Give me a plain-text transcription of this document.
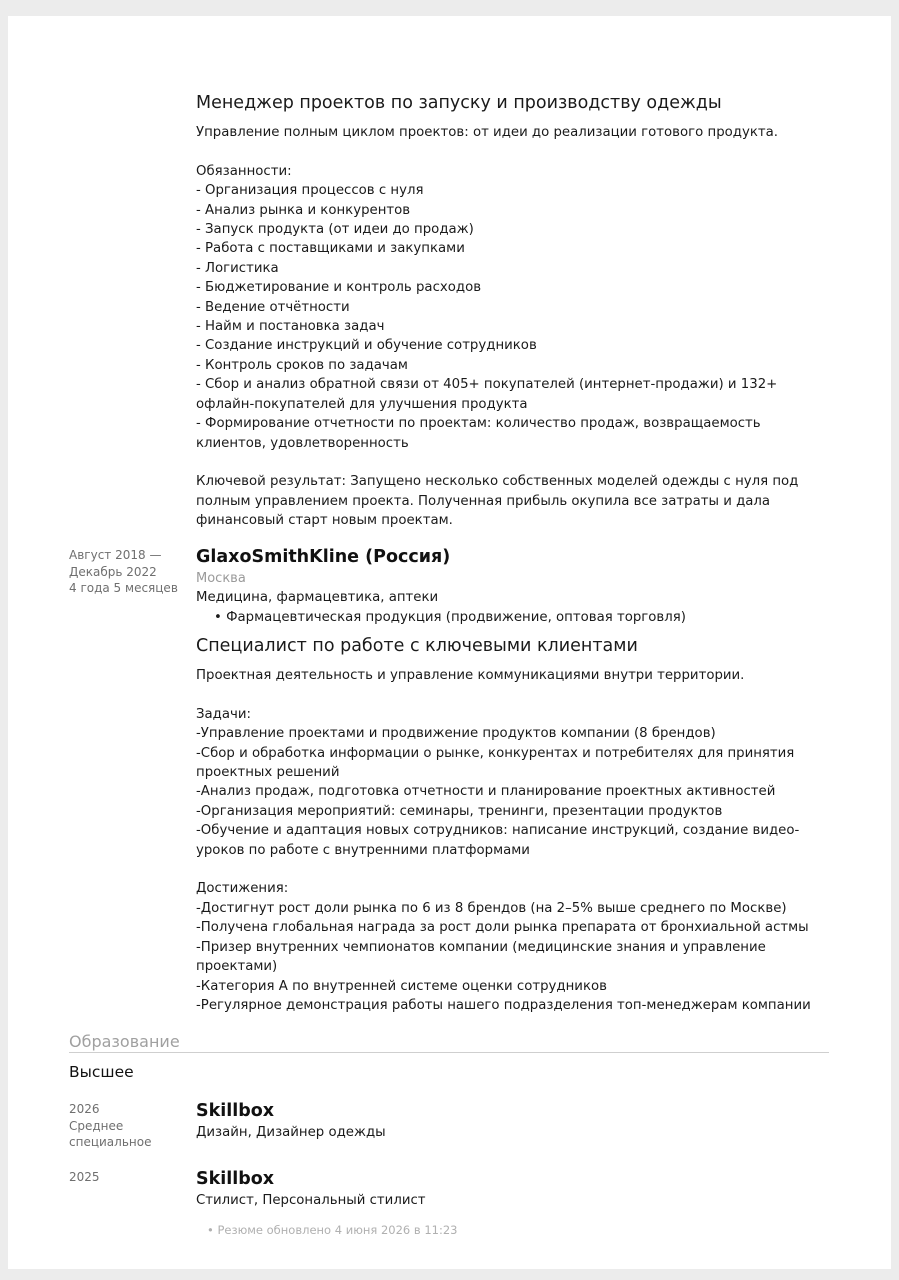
Менеджер проектов по запуску и производству одежды
Управление полным циклом проектов: от идеи до реализации готового продукта.

Обязанности:
- Организация процессов с нуля
- Анализ рынка и конкурентов
- Запуск продукта (от идеи до продаж)
- Работа с поставщиками и закупками
- Логистика
- Бюджетирование и контроль расходов
- Ведение отчётности
- Найм и постановка задач
- Создание инструкций и обучение сотрудников
- Контроль сроков по задачам
- Сбор и анализ обратной связи от 405+ покупателей (интернет-продажи) и 132+ офлайн-покупателей для улучшения продукта
- Формирование отчетности по проектам: количество продаж, возвращаемость клиентов, удовлетворенность

Ключевой результат: Запущено несколько собственных моделей одежды с нуля под полным управлением проекта. Полученная прибыль окупила все затраты и дала финансовый старт новым проектам.
Август 2018 —
Декабрь 2022
4 года 5 месяцев
GlaxoSmithKline (Россия)
Москва
Медицина, фармацевтика, аптеки
• Фармацевтическая продукция (продвижение, оптовая торговля)
Специалист по работе с ключевыми клиентами
Проектная деятельность и управление коммуникациями внутри территории.

Задачи:
-Управление проектами и продвижение продуктов компании (8 брендов)
-Сбор и обработка информации о рынке, конкурентах и потребителях для принятия проектных решений
-Анализ продаж, подготовка отчетности и планирование проектных активностей
-Организация мероприятий: семинары, тренинги, презентации продуктов
-Обучение и адаптация новых сотрудников: написание инструкций, создание видео-уроков по работе с внутренними платформами

Достижения:
-Достигнут рост доли рынка по 6 из 8 брендов (на 2–5% выше среднего по Москве)
-Получена глобальная награда за рост доли рынка препарата от бронхиальной астмы
-Призер внутренних чемпионатов компании (медицинские знания и управление проектами)
-Категория А по внутренней системе оценки сотрудников
-Регулярное демонстрация работы нашего подразделения топ-менеджерам компании
Образование
Высшее
2026
Среднее
специальное
Skillbox
Дизайн, Дизайнер одежды
2025	Skillbox
Стилист, Персональный стилист
• Резюме обновлено 4 июня 2026 в 11:23
